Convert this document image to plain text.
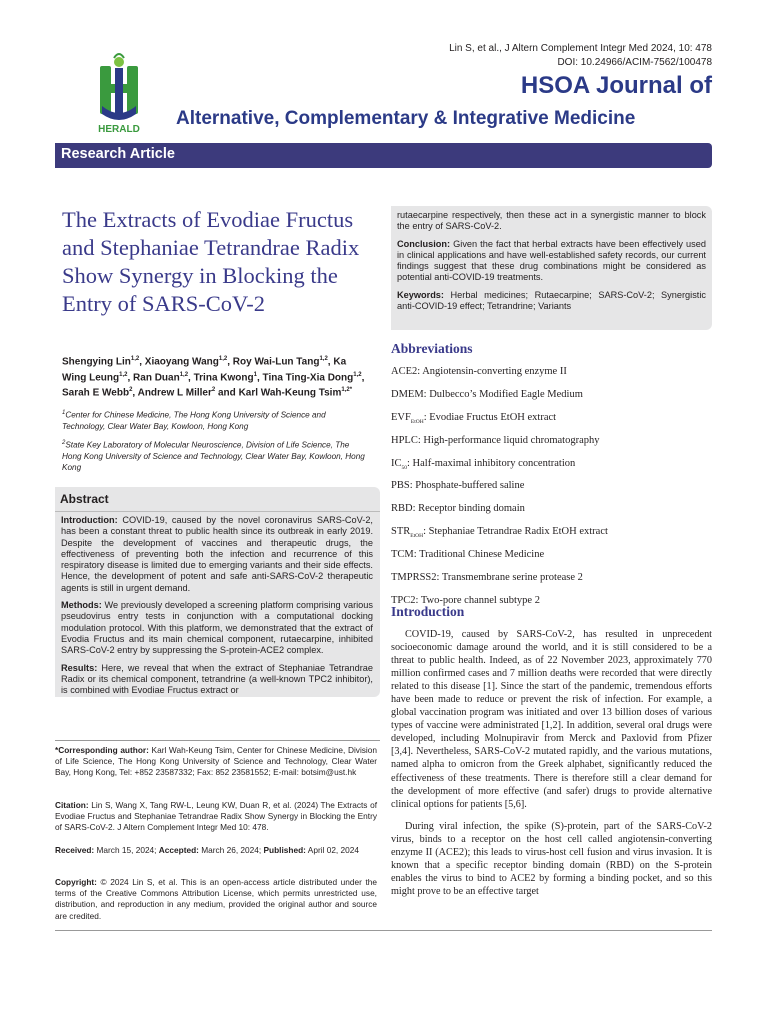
Lin S, et al., J Altern Complement Integr Med 2024, 10: 478
DOI: 10.24966/ACIM-7562/100478
HERALD
HSOA Journal of
Alternative, Complementary & Integrative Medicine
Research Article
The Extracts of Evodiae Fructus and Stephaniae Tetrandrae Radix Show Synergy in Blocking the Entry of SARS-CoV-2
Shengying Lin$^{1,2}$, Xiaoyang Wang$^{1,2}$, Roy Wai-Lun Tang$^{1,2}$, Ka Wing Leung$^{1,2}$, Ran Duan$^{1,2}$, Trina Kwong$^1$, Tina Ting-Xia Dong$^{1,2}$, Sarah E Webb$^2$, Andrew L Miller$^2$ and Karl Wah-Keung Tsim$^{1,2*}$
$^1$Center for Chinese Medicine, The Hong Kong University of Science and Technology, Clear Water Bay, Kowloon, Hong Kong
$^2$State Key Laboratory of Molecular Neuroscience, Division of Life Science, The Hong Kong University of Science and Technology, Clear Water Bay, Kowloon, Hong Kong
Abstract

Introduction: COVID-19, caused by the novel coronavirus SARS-CoV-2, has been a constant threat to public health since its outbreak in early 2019. Despite the development of vaccines and therapeutic drugs, the effectiveness of preventing both the infection and recurrence of this respiratory disease is limited due to emerging variants and their side effects. Hence, the development of potent and safe anti-SARS-CoV-2 therapeutic agents is still in urgent demand.

Methods: We previously developed a screening platform comprising various pseudovirus entry tests in conjunction with a computational docking modulation protocol. With this platform, we demonstrated that the extract of Evodia Fructus and its main chemical component, rutaecarpine, inhibited SARS-CoV-2 entry by suppressing the S-protein-ACE2 complex.

Results: Here, we reveal that when the extract of Stephaniae Tetrandrae Radix or its chemical component, tetrandrine (a well-known TPC2 inhibitor), is combined with Evodiae Fructus extract or

*Corresponding author: Karl Wah-Keung Tsim, Center for Chinese Medicine, Division of Life Science, The Hong Kong University of Science and Technology, Clear Water Bay, Hong Kong, Tel: +852 23587332; Fax: 852 23581552; E-mail: botsim@ust.hk
Citation: Lin S, Wang X, Tang RW-L, Leung KW, Duan R, et al. (2024) The Extracts of Evodiae Fructus and Stephaniae Tetrandrae Radix Show Synergy in Blocking the Entry of SARS-CoV-2. J Altern Complement Integr Med 10: 478.
Received: March 15, 2024; Accepted: March 26, 2024; Published: April 02, 2024
Copyright: © 2024 Lin S, et al. This is an open-access article distributed under the terms of the Creative Commons Attribution License, which permits unrestricted use, distribution, and reproduction in any medium, provided the original author and source are credited.

rutaecarpine respectively, then these act in a synergistic manner to block the entry of SARS-CoV-2.

Conclusion: Given the fact that herbal extracts have been effectively used in clinical applications and have well-established safety records, our current findings suggest that these drug combinations might be considered as potential anti-COVID-19 treatments.

Keywords: Herbal medicines; Rutaecarpine; SARS-CoV-2; Synergistic anti-COVID-19 effect; Tetrandrine; Variants

Abbreviations
ACE2: Angiotensin-converting enzyme II
DMEM: Dulbecco’s Modified Eagle Medium
$EVF_{EtOH}$: Evodiae Fructus EtOH extract
HPLC: High-performance liquid chromatography
$IC_{50}$: Half-maximal inhibitory concentration
PBS: Phosphate-buffered saline
RBD: Receptor binding domain
$STR_{EtOH}$: Stephaniae Tetrandrae Radix EtOH extract
TCM: Traditional Chinese Medicine
TMPRSS2: Transmembrane serine protease 2
TPC2: Two-pore channel subtype 2
Introduction

COVID-19, caused by SARS-CoV-2, has resulted in unprecedent socioeconomic damage around the world, and it is still considered to be a threat to public health. Indeed, as of 22 November 2023, approximately 770 million confirmed cases and 7 million deaths were recorded that were directly related to this disease [1]. Since the start of the pandemic, tremendous efforts have been made to reduce or prevent the risk of infection. For example, a global vaccination program was initiated and over 13 billion doses of various types of vaccine were administrated [1,2]. In addition, several oral drugs were developed, including Molnupiravir from Merck and Paxlovid from Pfizer [3,4]. Nevertheless, SARS-CoV-2 mutated rapidly, and the various mutations, named alpha to omicron from the Greek alphabet, significantly reduced the effectiveness of these treatments. There is therefore still a clear demand for the development of more effective (and safer) drugs to provide alternative clinical options for patients [5,6].

During viral infection, the spike (S)-protein, part of the SARS-CoV-2 virus, binds to a receptor on the host cell called angiotensin-converting enzyme II (ACE2); this leads to virus-host cell fusion and virus invasion. It is known that a specific receptor binding domain (RBD) on the S-protein enables the virus to bind to ACE2 by forming a binding pocket, and so this might prove to be an effective target
